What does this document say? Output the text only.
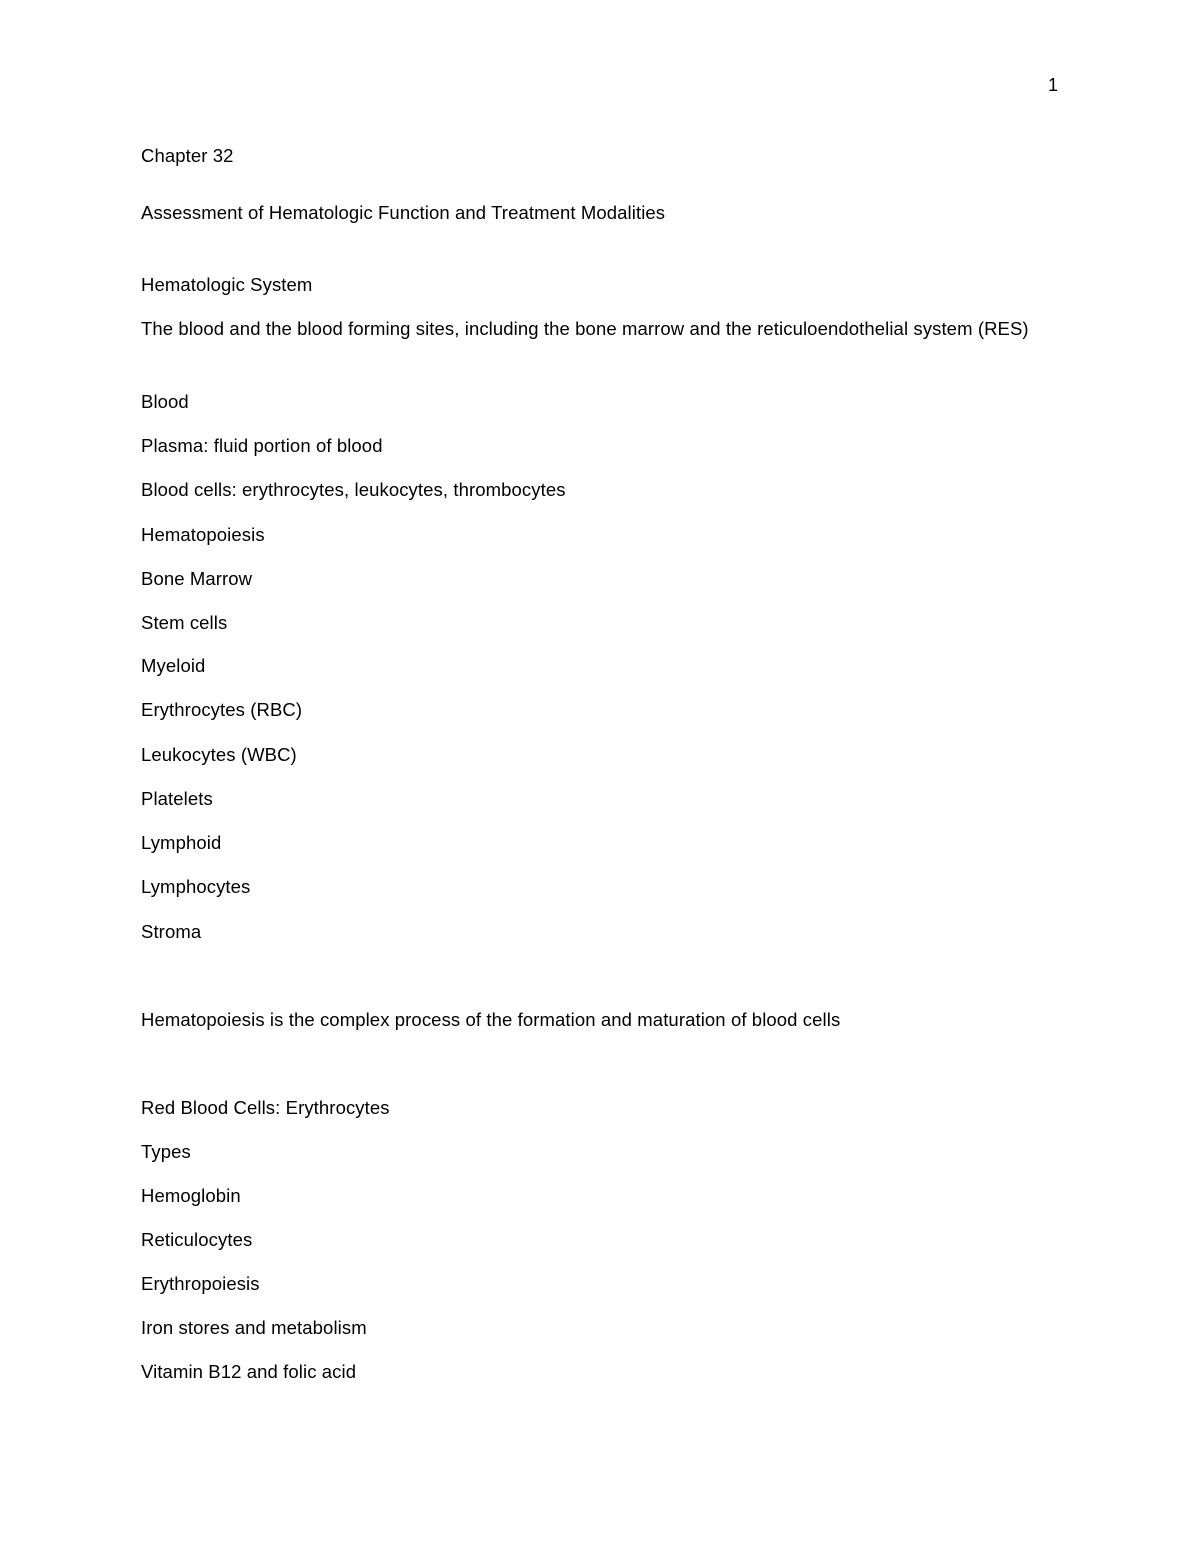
1
Chapter 32
Assessment of Hematologic Function and Treatment Modalities
Hematologic System
The blood and the blood forming sites, including the bone marrow and the reticuloendothelial system (RES)
Blood
Plasma: fluid portion of blood
Blood cells: erythrocytes, leukocytes, thrombocytes
Hematopoiesis
Bone Marrow
Stem cells
Myeloid
Erythrocytes (RBC)
Leukocytes (WBC)
Platelets
Lymphoid
Lymphocytes
Stroma
Hematopoiesis is the complex process of the formation and maturation of blood cells
Red Blood Cells: Erythrocytes
Types
Hemoglobin
Reticulocytes
Erythropoiesis
Iron stores and metabolism
Vitamin B12 and folic acid
